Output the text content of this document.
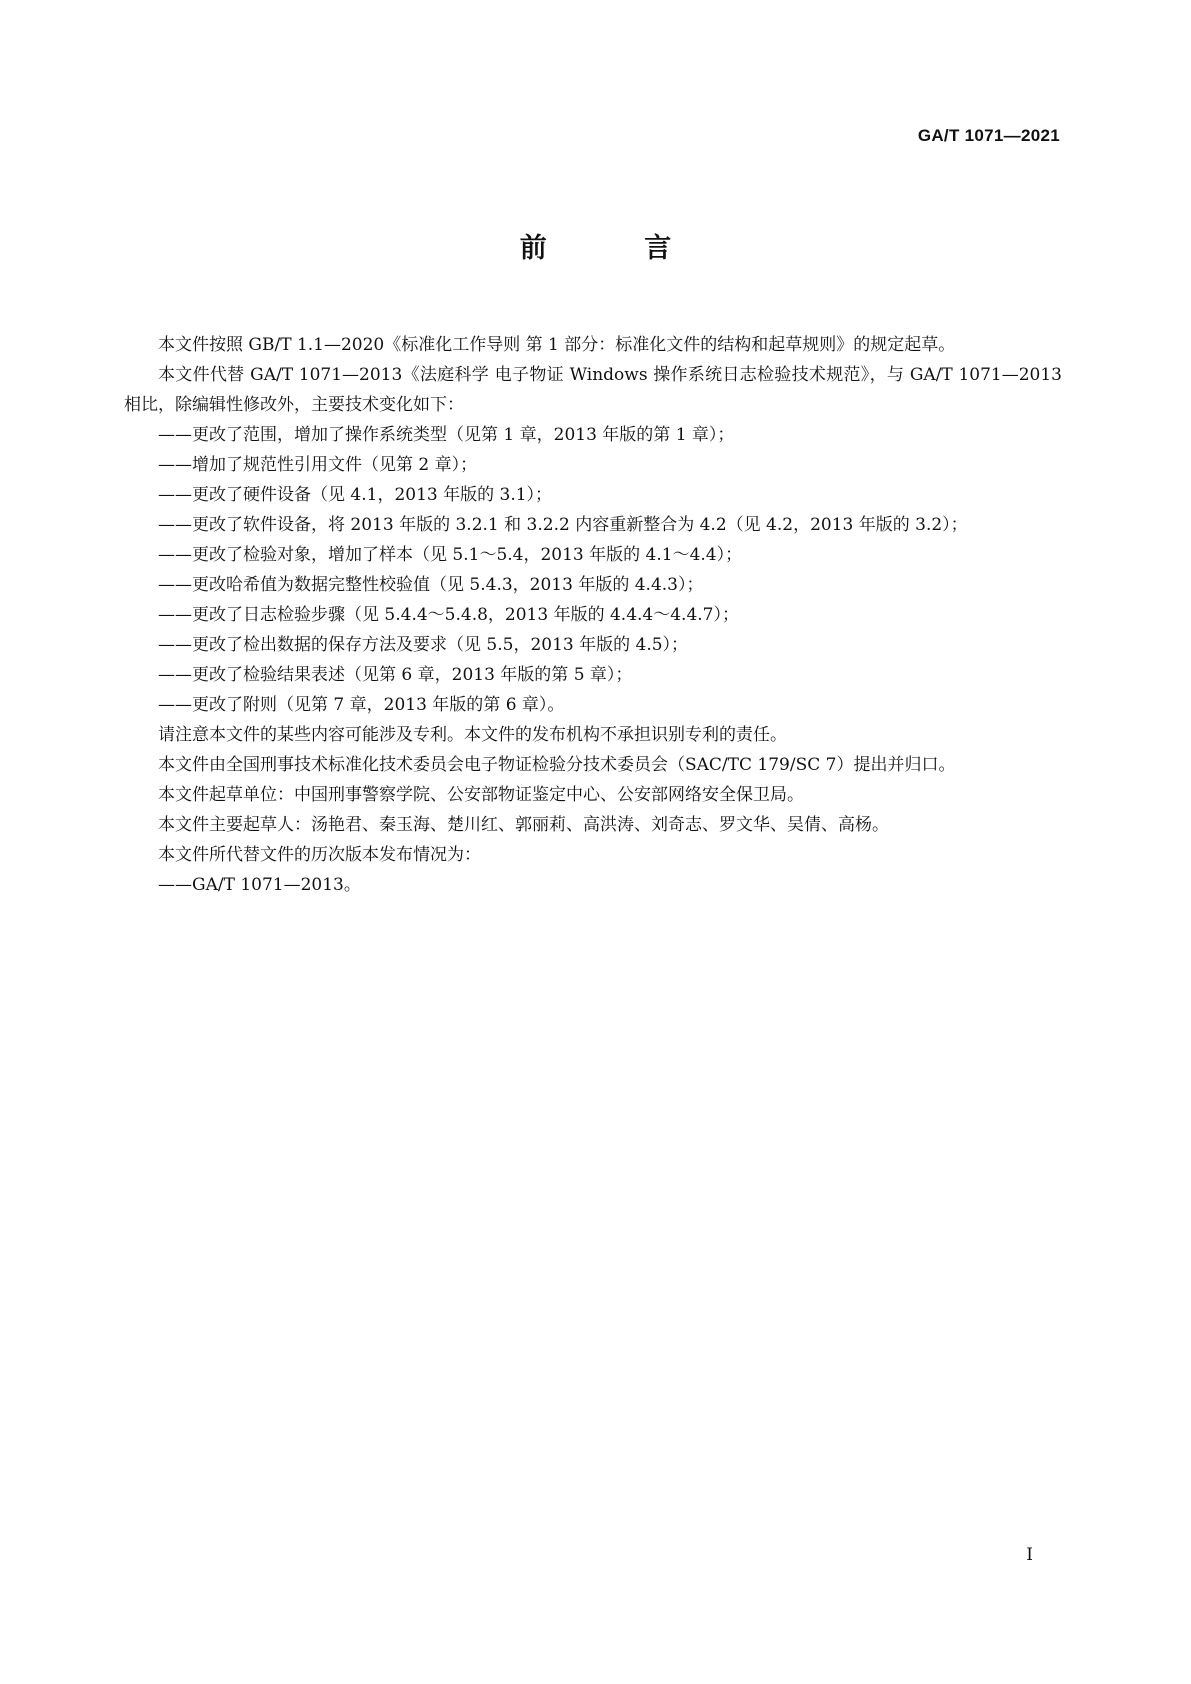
GA/T 1071—2021

前 言

本文件按照 GB/T 1.1—2020《标准化工作导则 第 1 部分：标准化文件的结构和起草规则》的规定起草。

本文件代替 GA/T 1071—2013《法庭科学 电子物证 Windows 操作系统日志检验技术规范》，与 GA/T 1071—2013 相比，除编辑性修改外，主要技术变化如下：

——更改了范围，增加了操作系统类型（见第 1 章，2013 年版的第 1 章）；

——增加了规范性引用文件（见第 2 章）；

——更改了硬件设备（见 4.1，2013 年版的 3.1）；

——更改了软件设备，将 2013 年版的 3.2.1 和 3.2.2 内容重新整合为 4.2（见 4.2，2013 年版的 3.2）；

——更改了检验对象，增加了样本（见 5.1～5.4，2013 年版的 4.1～4.4）；

——更改哈希值为数据完整性校验值（见 5.4.3，2013 年版的 4.4.3）；

——更改了日志检验步骤（见 5.4.4～5.4.8，2013 年版的 4.4.4～4.4.7）；

——更改了检出数据的保存方法及要求（见 5.5，2013 年版的 4.5）；

——更改了检验结果表述（见第 6 章，2013 年版的第 5 章）；

——更改了附则（见第 7 章，2013 年版的第 6 章）。

请注意本文件的某些内容可能涉及专利。本文件的发布机构不承担识别专利的责任。

本文件由全国刑事技术标准化技术委员会电子物证检验分技术委员会（SAC/TC 179/SC 7）提出并归口。

本文件起草单位：中国刑事警察学院、公安部物证鉴定中心、公安部网络安全保卫局。

本文件主要起草人：汤艳君、秦玉海、楚川红、郭丽莉、高洪涛、刘奇志、罗文华、吴倩、高杨。

本文件所代替文件的历次版本发布情况为：

——GA/T 1071—2013。

I
